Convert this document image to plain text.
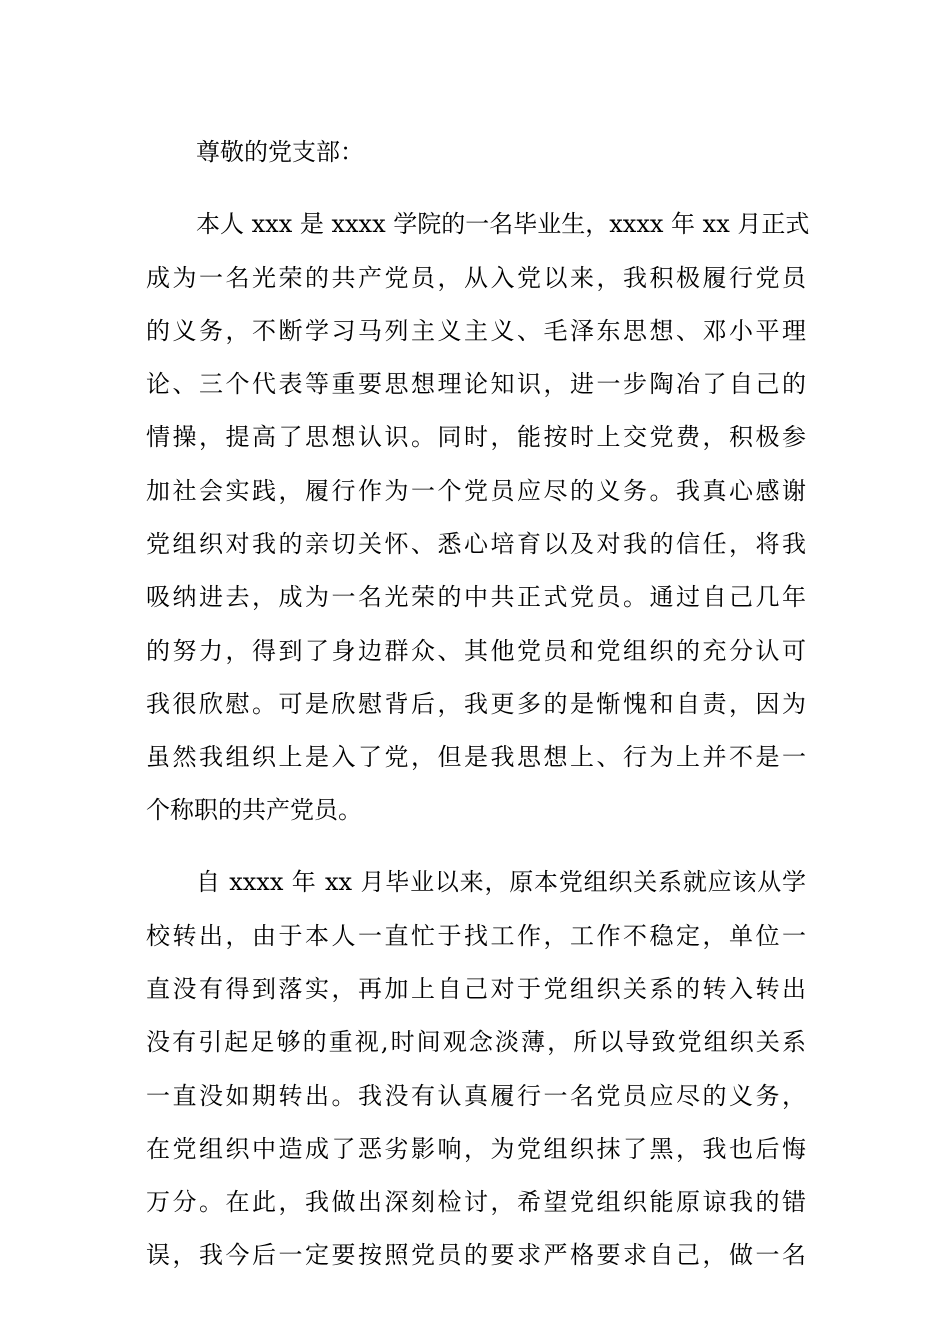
尊敬的党支部：

本人 xxx 是 xxxx 学院的一名毕业生，xxxx 年 xx 月正式

成为一名光荣的共产党员，从入党以来，我积极履行党员

的义务，不断学习马列主义主义、毛泽东思想、邓小平理

论、三个代表等重要思想理论知识，进一步陶冶了自己的

情操，提高了思想认识。同时，能按时上交党费，积极参

加社会实践，履行作为一个党员应尽的义务。我真心感谢

党组织对我的亲切关怀、悉心培育以及对我的信任，将我

吸纳进去，成为一名光荣的中共正式党员。通过自己几年

的努力，得到了身边群众、其他党员和党组织的充分认可

我很欣慰。可是欣慰背后，我更多的是惭愧和自责，因为

虽然我组织上是入了党，但是我思想上、行为上并不是一

个称职的共产党员。

自 xxxx 年 xx 月毕业以来，原本党组织关系就应该从学

校转出，由于本人一直忙于找工作，工作不稳定，单位一

直没有得到落实，再加上自己对于党组织关系的转入转出

没有引起足够的重视,时间观念淡薄，所以导致党组织关系

一直没如期转出。我没有认真履行一名党员应尽的义务，

在党组织中造成了恶劣影响，为党组织抹了黑，我也后悔

万分。在此，我做出深刻检讨，希望党组织能原谅我的错

误，我今后一定要按照党员的要求严格要求自己，做一名
